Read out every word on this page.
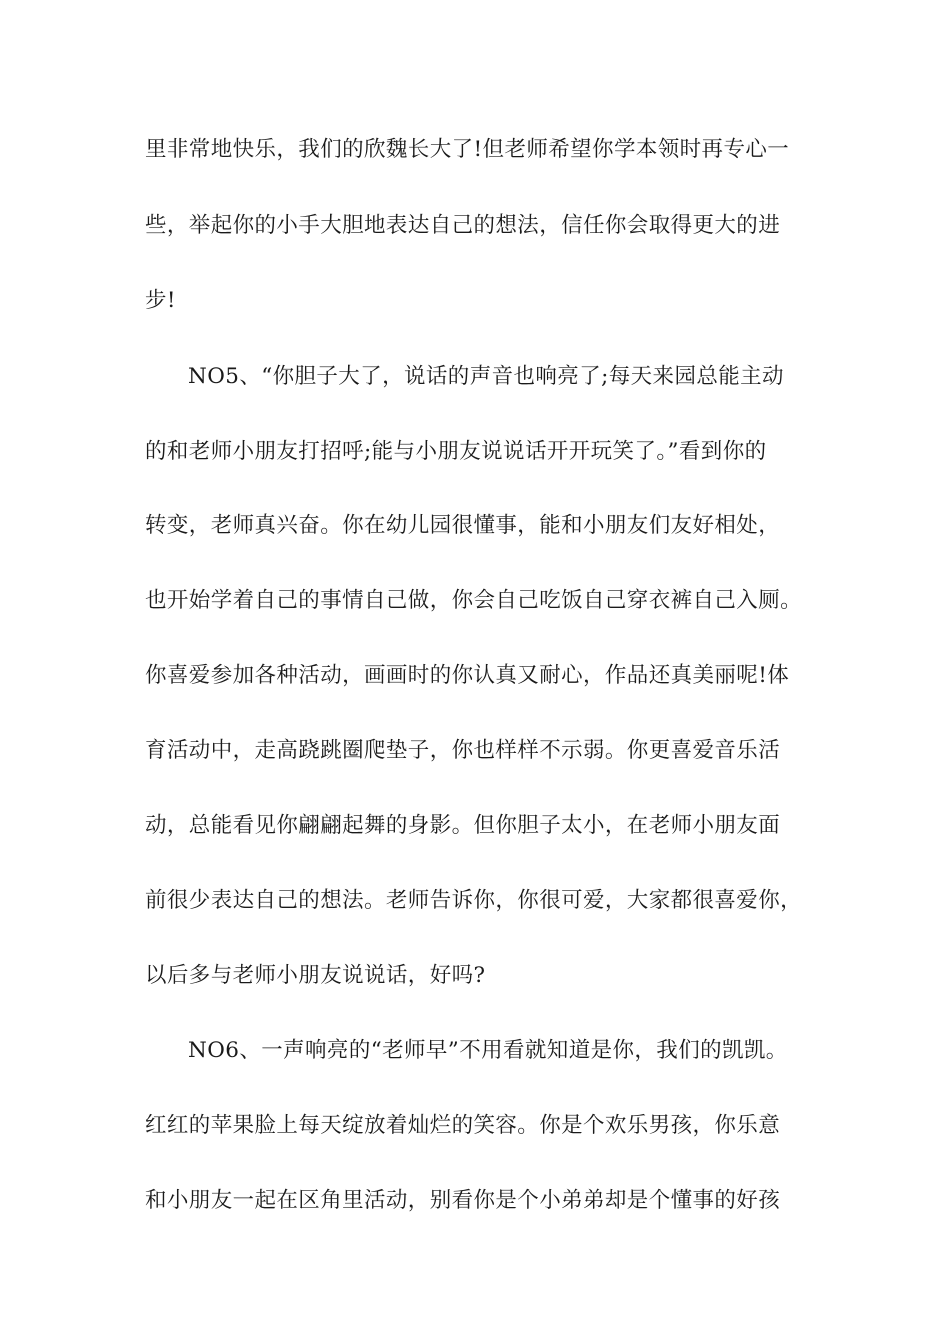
里非常地快乐，我们的欣魏长大了!但老师希望你学本领时再专心一
些，举起你的小手大胆地表达自己的想法，信任你会取得更大的进
步!
NO5、“你胆子大了，说话的声音也响亮了;每天来园总能主动
的和老师小朋友打招呼;能与小朋友说说话开开玩笑了。”看到你的
转变，老师真兴奋。你在幼儿园很懂事，能和小朋友们友好相处，
也开始学着自己的事情自己做，你会自己吃饭自己穿衣裤自己入厕。
你喜爱参加各种活动，画画时的你认真又耐心，作品还真美丽呢!体
育活动中，走高跷跳圈爬垫子，你也样样不示弱。你更喜爱音乐活
动，总能看见你翩翩起舞的身影。但你胆子太小，在老师小朋友面
前很少表达自己的想法。老师告诉你，你很可爱，大家都很喜爱你，
以后多与老师小朋友说说话，好吗?
NO6、一声响亮的“老师早”不用看就知道是你，我们的凯凯。
红红的苹果脸上每天绽放着灿烂的笑容。你是个欢乐男孩，你乐意
和小朋友一起在区角里活动，别看你是个小弟弟却是个懂事的好孩
